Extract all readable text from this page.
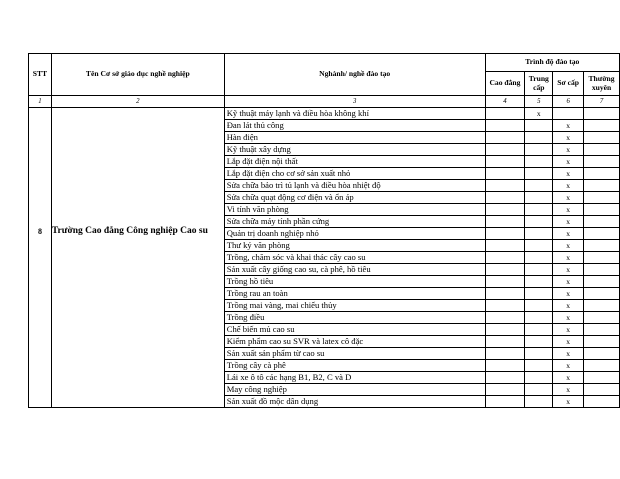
STT	Tên Cơ sở giáo dục nghề nghiệp	Nghành/ nghề đào tạo	Trình độ đào tạo			
			Cao đẳng	Trung cấp	Sơ cấp	Thường xuyên
1	2	3	4	5	6	7

8	Trường Cao đẳng Công nghiệp Cao su	Kỹ thuật máy lạnh và điều hòa không khí		x		
		Đan lát thủ công			x	
		Hàn điện			x	
		Kỹ thuật xây dựng			x	
		Lắp đặt điện nội thất			x	
		Lắp đặt điện cho cơ sở sản xuất nhỏ			x	
		Sửa chữa bảo trì tủ lạnh và điều hòa nhiệt độ			x	
		Sửa chữa quạt động cơ điện và ổn áp			x	
		Vi tính văn phòng			x	
		Sửa chữa máy tính phần cứng			x	
		Quản trị doanh nghiệp nhỏ			x	
		Thư ký văn phòng			x	
		Trồng, chăm sóc và khai thác cây cao su			x	
		Sản xuất cây giống cao su, cà phê, hồ tiêu			x	
		Trồng hồ tiêu			x	
		Trồng rau an toàn			x	
		Trồng mai vàng, mai chiếu thủy			x	
		Trồng điều			x	
		Chế biến mủ cao su			x	
		Kiểm phẩm cao su SVR và latex cô đặc			x	
		Sản xuất sản phẩm từ cao su			x	
		Trồng cây cà phê			x	
		Lái xe ô tô các hạng B1, B2, C và D			x	
		May công nghiệp			x	
		Sản xuất đồ mộc dân dụng			x	
